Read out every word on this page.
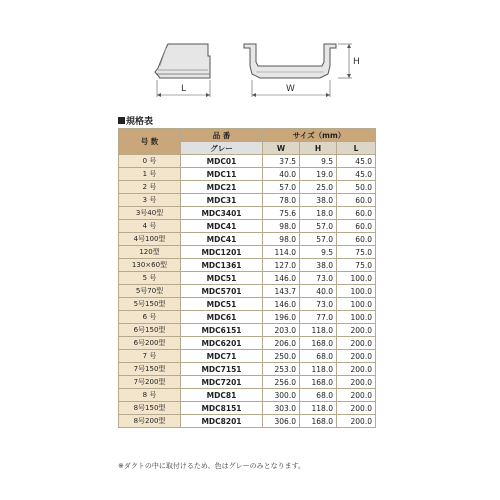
L	W
H
規格表
号 数	品 番	サイズ（mm）		
	グレー	W	H	L
0 号	MDC01	37.5	9.5	45.0
1 号	MDC11	40.0	19.0	45.0
2 号	MDC21	57.0	25.0	50.0
3 号	MDC31	78.0	38.0	60.0
3号40型	MDC3401	75.6	18.0	60.0
4 号	MDC41	98.0	57.0	60.0
4号100型	MDC41	98.0	57.0	60.0
120型	MDC1201	114.0	9.5	75.0
130×60型	MDC1361	127.0	38.0	75.0
5 号	MDC51	146.0	73.0	100.0
5号70型	MDC5701	143.7	40.0	100.0
5号150型	MDC51	146.0	73.0	100.0
6 号	MDC61	196.0	77.0	100.0
6号150型	MDC6151	203.0	118.0	200.0
6号200型	MDC6201	206.0	168.0	200.0
7 号	MDC71	250.0	68.0	200.0
7号150型	MDC7151	253.0	118.0	200.0
7号200型	MDC7201	256.0	168.0	200.0
8 号	MDC81	300.0	68.0	200.0
8号150型	MDC8151	303.0	118.0	200.0
8号200型	MDC8201	306.0	168.0	200.0
※ダクトの中に取付けるため、色はグレーのみとなります。
